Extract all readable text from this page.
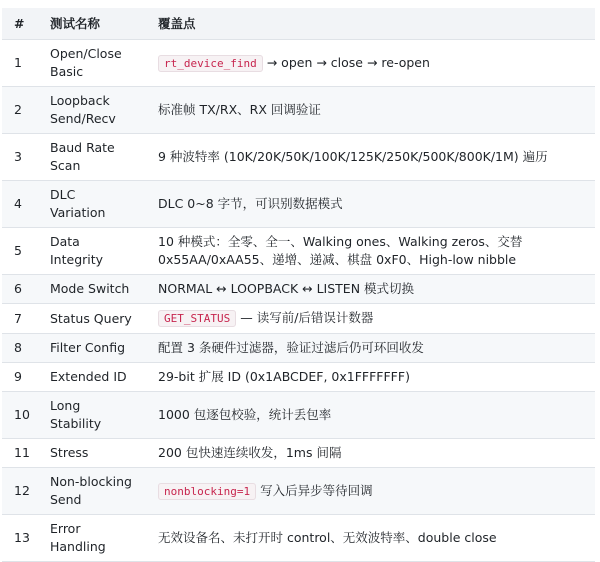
#	测试名称	覆盖点
1	Open/Close Basic	rt_device_find → open → close → re-open
2	Loopback Send/Recv	标准帧 TX/RX、RX 回调验证
3	Baud Rate Scan	9 种波特率 (10K/20K/50K/100K/125K/250K/500K/800K/1M) 遍历
4	DLC Variation	DLC 0~8 字节，可识别数据模式
5	Data Integrity	10 种模式：全零、全一、Walking ones、Walking zeros、交替 0x55AA/0xAA55、递增、递减、棋盘 0xF0、High-low nibble
6	Mode Switch	NORMAL ↔ LOOPBACK ↔ LISTEN 模式切换
7	Status Query	GET_STATUS — 读写前/后错误计数器
8	Filter Config	配置 3 条硬件过滤器，验证过滤后仍可环回收发
9	Extended ID	29-bit 扩展 ID (0x1ABCDEF, 0x1FFFFFFF)
10	Long Stability	1000 包逐包校验，统计丢包率
11	Stress	200 包快速连续收发，1ms 间隔
12	Non-blocking Send	nonblocking=1 写入后异步等待回调
13	Error Handling	无效设备名、未打开时 control、无效波特率、double close
